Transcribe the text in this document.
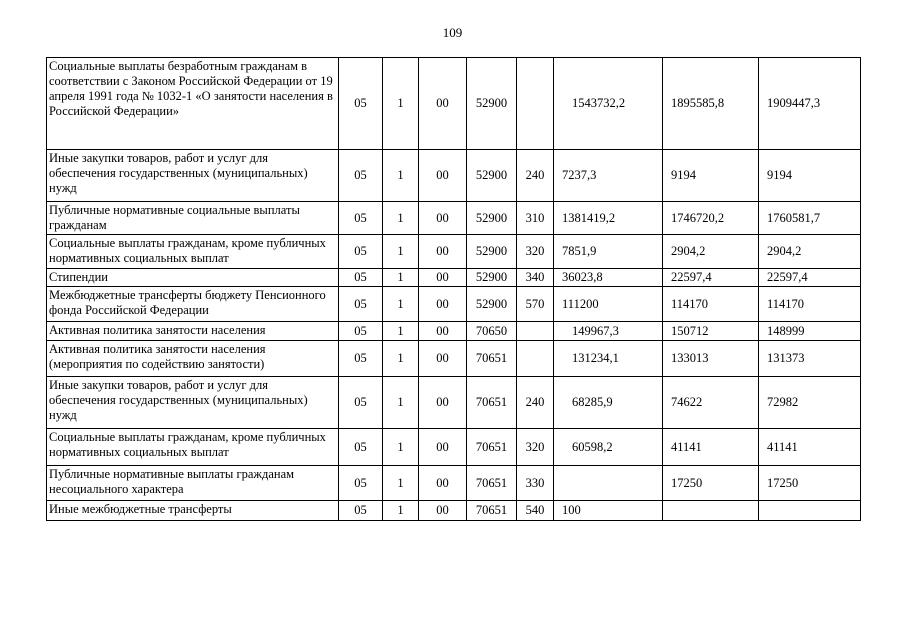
109
Социальные выплаты безработным гражданам в соответствии с Законом Российской Федерации от 19 апреля 1991 года № 1032-1 «О занятости населения в Российской Федерации»	05	1	00	52900		1543732,2	1895585,8	1909447,3
Иные закупки товаров, работ и услуг для обеспечения государственных (муниципальных) нужд	05	1	00	52900	240	7237,3	9194	9194
Публичные нормативные социальные выплаты гражданам	05	1	00	52900	310	1381419,2	1746720,2	1760581,7
Социальные выплаты гражданам, кроме публичных нормативных социальных выплат	05	1	00	52900	320	7851,9	2904,2	2904,2
Стипендии	05	1	00	52900	340	36023,8	22597,4	22597,4
Межбюджетные трансферты бюджету Пенсионного фонда Российской Федерации	05	1	00	52900	570	111200	114170	114170
Активная политика занятости населения	05	1	00	70650		149967,3	150712	148999
Активная политика занятости населения (мероприятия по содействию занятости)	05	1	00	70651		131234,1	133013	131373
Иные закупки товаров, работ и услуг для обеспечения государственных (муниципальных) нужд	05	1	00	70651	240	68285,9	74622	72982
Социальные выплаты гражданам, кроме публичных нормативных социальных выплат	05	1	00	70651	320	60598,2	41141	41141
Публичные нормативные выплаты гражданам несоциального характера	05	1	00	70651	330		17250	17250
Иные межбюджетные трансферты	05	1	00	70651	540	100		
